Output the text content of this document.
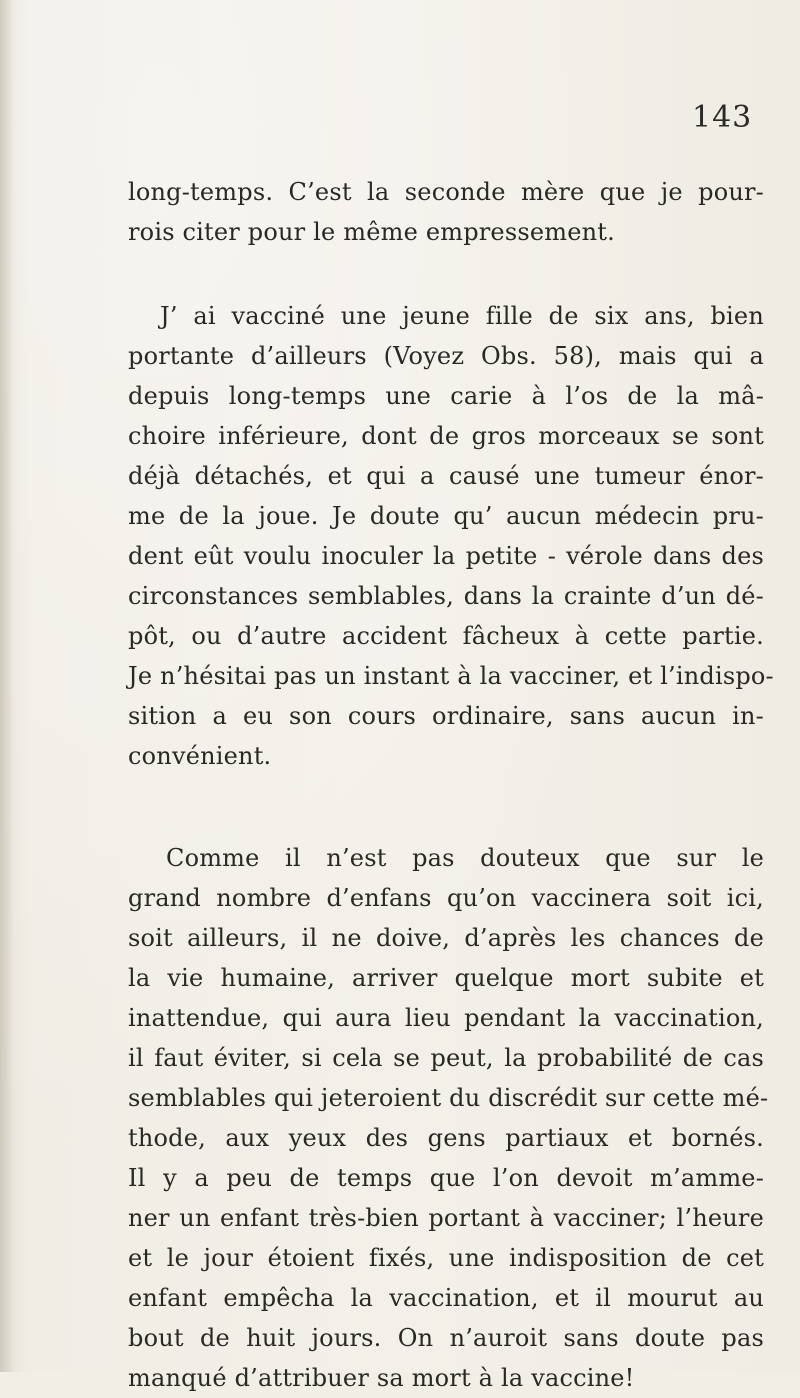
143
long-temps. C’est la seconde mère que je pour-
rois citer pour le même empressement.
J’ ai vacciné une jeune fille de six ans, bien
portante d’ailleurs (Voyez Obs. 58), mais qui a
depuis long-temps une carie à l’os de la mâ-
choire inférieure, dont de gros morceaux se sont
déjà détachés, et qui a causé une tumeur énor-
me de la joue. Je doute qu’ aucun médecin pru-
dent eût voulu inoculer la petite - vérole dans des
circonstances semblables, dans la crainte d’un dé-
pôt, ou d’autre accident fâcheux à cette partie.
Je n’hésitai pas un instant à la vacciner, et l’indispo-
sition a eu son cours ordinaire, sans aucun in-
convénient.
Comme il n’est pas douteux que sur le
grand nombre d’enfans qu’on vaccinera soit ici,
soit ailleurs, il ne doive, d’après les chances de
la vie humaine, arriver quelque mort subite et
inattendue, qui aura lieu pendant la vaccination,
il faut éviter, si cela se peut, la probabilité de cas
semblables qui jeteroient du discrédit sur cette mé-
thode, aux yeux des gens partiaux et bornés.
Il y a peu de temps que l’on devoit m’amme-
ner un enfant très-bien portant à vacciner; l’heure
et le jour étoient fixés, une indisposition de cet
enfant empêcha la vaccination, et il mourut au
bout de huit jours. On n’auroit sans doute pas
manqué d’attribuer sa mort à la vaccine!
